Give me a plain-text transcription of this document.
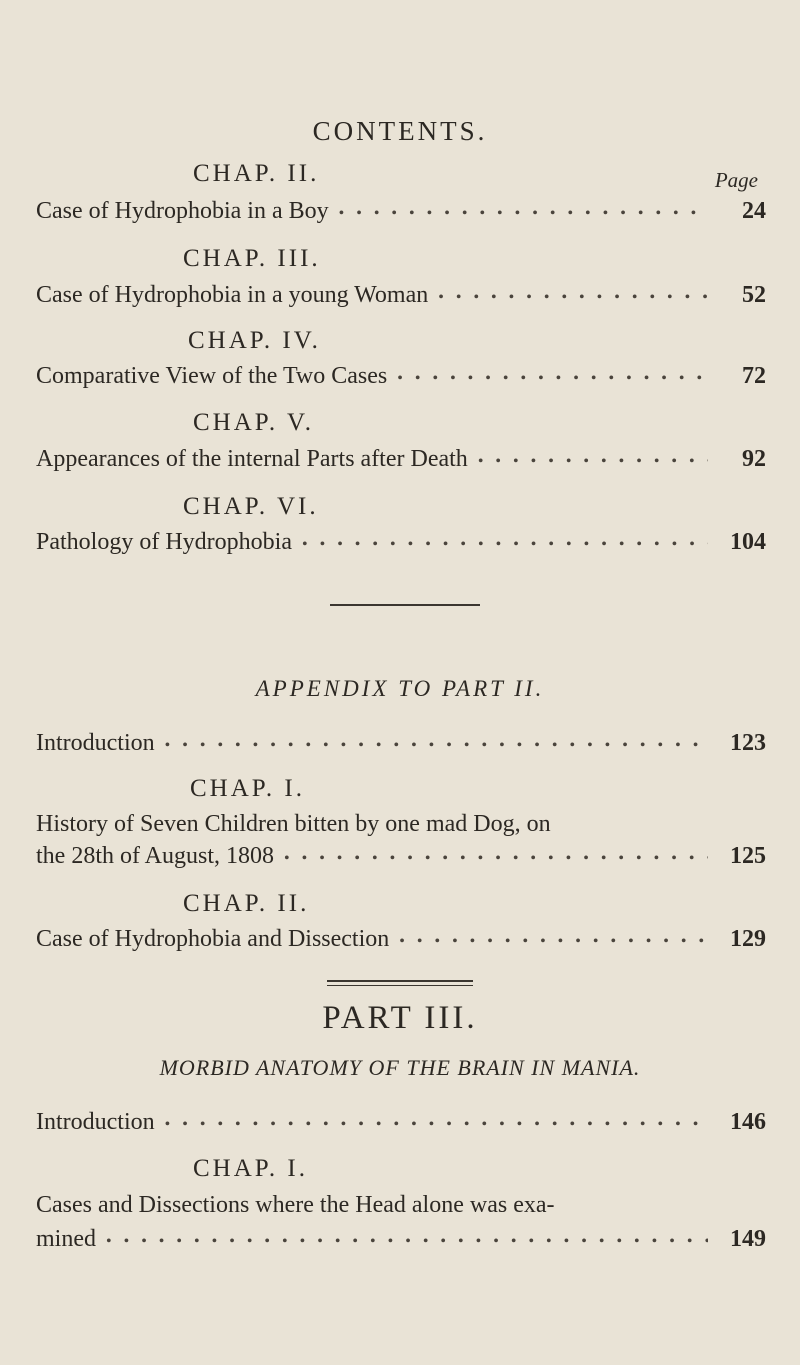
CONTENTS.
Page
CHAP. II.
Case of Hydrophobia in a Boy • • •	24
CHAP. III.
Case of Hydrophobia in a young Woman • • •	52
CHAP. IV.
Comparative View of the Two Cases • • •	72
CHAP. V.
Appearances of the internal Parts after Death • • •	92
CHAP. VI.
Pathology of Hydrophobia • • •	104
APPENDIX TO PART II.
Introduction • • •	123
CHAP. I.
History of Seven Children bitten by one mad Dog, on
the 28th of August, 1808 • • •	125
CHAP. II.
Case of Hydrophobia and Dissection • • •	129
PART III.
MORBID ANATOMY OF THE BRAIN IN MANIA.
Introduction • • •	146
CHAP. I.
Cases and Dissections where the Head alone was exa-
mined • • •	149
